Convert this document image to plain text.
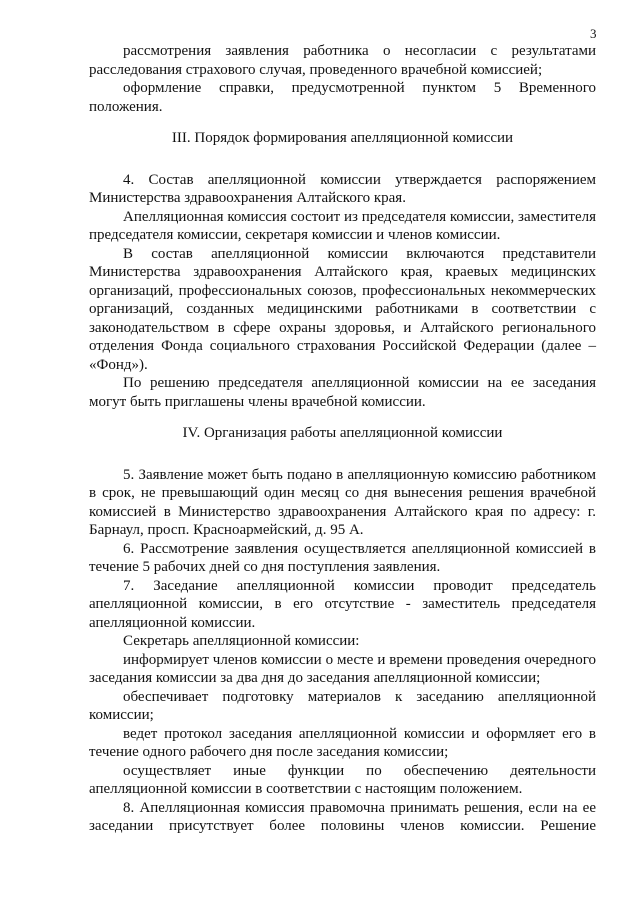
3

рассмотрения заявления работника о несогласии с результатами расследования страхового случая, проведенного врачебной комиссией;

оформление справки, предусмотренной пунктом 5 Временного положения.

III. Порядок формирования апелляционной комиссии

4. Состав апелляционной комиссии утверждается распоряжением Министерства здравоохранения Алтайского края.

Апелляционная комиссия состоит из председателя комиссии, заместителя председателя комиссии, секретаря комиссии и членов комиссии.

В состав апелляционной комиссии включаются представители Министерства здравоохранения Алтайского края, краевых медицинских организаций, профессиональных союзов, профессиональных некоммерческих организаций, созданных медицинскими работниками в соответствии с законодательством в сфере охраны здоровья, и Алтайского регионального отделения Фонда социального страхования Российской Федерации (далее – «Фонд»).

По решению председателя апелляционной комиссии на ее заседания могут быть приглашены члены врачебной комиссии.

IV. Организация работы апелляционной комиссии

5. Заявление может быть подано в апелляционную комиссию работником в срок, не превышающий один месяц со дня вынесения решения врачебной комиссией в Министерство здравоохранения Алтайского края по адресу: г. Барнаул, просп. Красноармейский, д. 95 А.

6. Рассмотрение заявления осуществляется апелляционной комиссией в течение 5 рабочих дней со дня поступления заявления.

7. Заседание апелляционной комиссии проводит председатель апелляционной комиссии, в его отсутствие - заместитель председателя апелляционной комиссии.

Секретарь апелляционной комиссии:

информирует членов комиссии о месте и времени проведения очередного заседания комиссии за два дня до заседания апелляционной комиссии;

обеспечивает подготовку материалов к заседанию апелляционной комиссии;

ведет протокол заседания апелляционной комиссии и оформляет его в течение одного рабочего дня после заседания комиссии;

осуществляет иные функции по обеспечению деятельности апелляционной комиссии в соответствии с настоящим положением.

8. Апелляционная комиссия правомочна принимать решения, если на ее заседании присутствует более половины членов комиссии. Решение
